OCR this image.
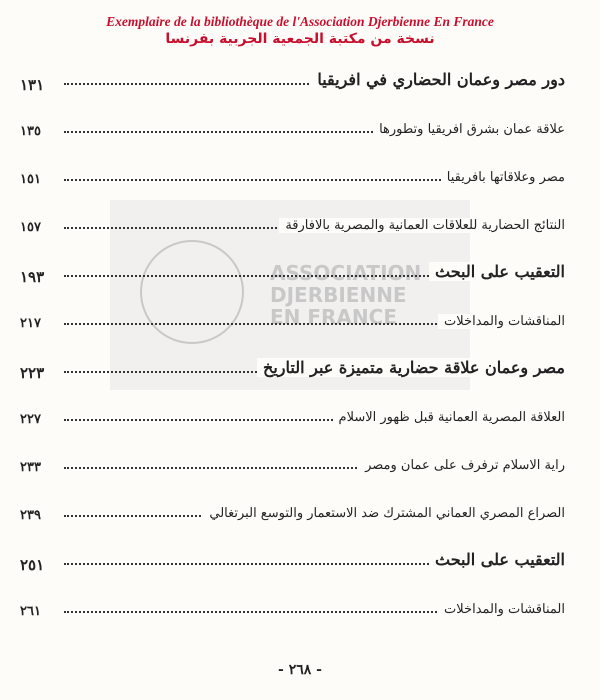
Exemplaire de la bibliothèque de l'Association Djerbienne En France
نسخة من مكتبة الجمعية الجربية بفرنسا
ASSOCIATION
DJERBIENNE
EN FRANCE
دور مصر وعمان الحضاري في افريقيا
١٣١
علاقة عمان بشرق افريقيا وتطورها
١٣٥
مصر وعلاقاتها بافريقيا
١٥١
النتائج الحضارية للعلاقات العمانية والمصرية بالافارقة
١٥٧
التعقيب على البحث
١٩٣
المناقشات والمداخلات
٢١٧
مصر وعمان علاقة حضارية متميزة عبر التاريخ
٢٢٣
العلاقة المصرية العمانية قبل ظهور الاسلام
٢٢٧
راية الاسلام ترفرف على عمان ومصر
٢٣٣
الصراع المصري العماني المشترك ضد الاستعمار والتوسع البرتغالي
٢٣٩
التعقيب على البحث
٢٥١
المناقشات والمداخلات
٢٦١
- ٢٦٨ -
